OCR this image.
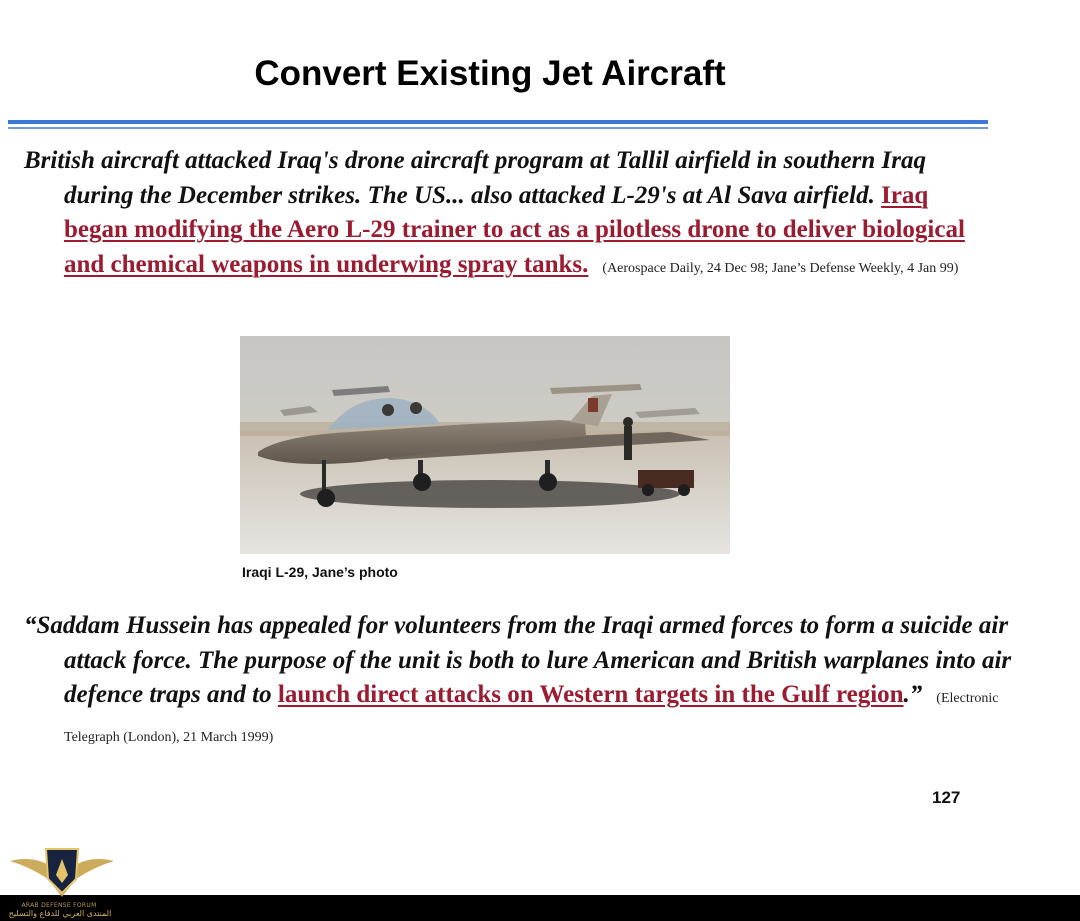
Convert Existing Jet Aircraft

British aircraft attacked Iraq's drone aircraft program at Tallil airfield in southern Iraq during the December strikes. The US... also attacked L-29's at Al Sava airfield. Iraq began modifying the Aero L-29 trainer to act as a pilotless drone to deliver biological and chemical weapons in underwing spray tanks. (Aerospace Daily, 24 Dec 98; Jane’s Defense Weekly, 4 Jan 99)

Iraqi L-29, Jane’s photo

“Saddam Hussein has appealed for volunteers from the Iraqi armed forces to form a suicide air attack force. The purpose of the unit is both to lure American and British warplanes into air defence traps and to launch direct attacks on Western targets in the Gulf region.” (Electronic Telegraph (London), 21 March 1999)

127
ARAB DEFENSE FORUM
المنتدى العربي للدفاع والتسليح
